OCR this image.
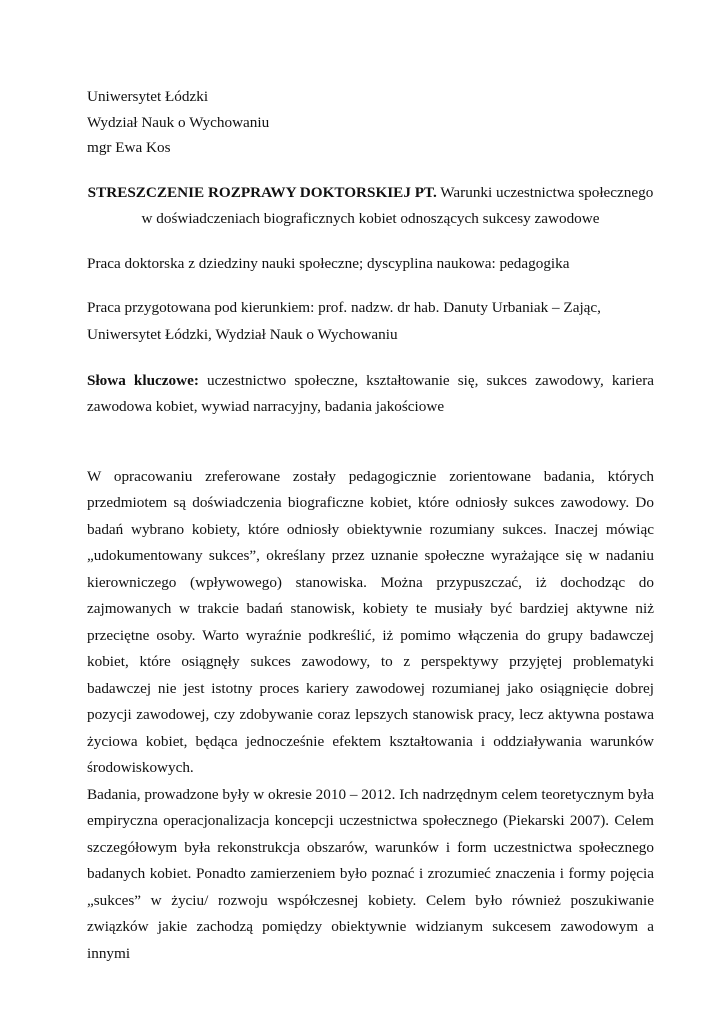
Uniwersytet Łódzki
Wydział Nauk o Wychowaniu
mgr Ewa Kos
STRESZCZENIE ROZPRAWY DOKTORSKIEJ PT. Warunki uczestnictwa społecznego
w doświadczeniach biograficznych kobiet odnoszących sukcesy zawodowe
Praca doktorska z dziedziny nauki społeczne; dyscyplina naukowa: pedagogika
Praca przygotowana pod kierunkiem: prof. nadzw. dr hab. Danuty Urbaniak – Zając,
Uniwersytet Łódzki, Wydział Nauk o Wychowaniu
Słowa kluczowe: uczestnictwo społeczne, kształtowanie się, sukces zawodowy, kariera zawodowa kobiet, wywiad narracyjny, badania jakościowe

W opracowaniu zreferowane zostały pedagogicznie zorientowane badania, których przedmiotem są doświadczenia biograficzne kobiet, które odniosły sukces zawodowy. Do badań wybrano kobiety, które odniosły obiektywnie rozumiany sukces. Inaczej mówiąc „udokumentowany sukces”, określany przez uznanie społeczne wyrażające się w nadaniu kierowniczego (wpływowego) stanowiska. Można przypuszczać, iż dochodząc do zajmowanych w trakcie badań stanowisk, kobiety te musiały być bardziej aktywne niż przeciętne osoby. Warto wyraźnie podkreślić, iż pomimo włączenia do grupy badawczej kobiet, które osiągnęły sukces zawodowy, to z perspektywy przyjętej problematyki badawczej nie jest istotny proces kariery zawodowej rozumianej jako osiągnięcie dobrej pozycji zawodowej, czy zdobywanie coraz lepszych stanowisk pracy, lecz aktywna postawa życiowa kobiet, będąca jednocześnie efektem kształtowania i oddziaływania warunków środowiskowych.

Badania, prowadzone były w okresie 2010 – 2012. Ich nadrzędnym celem teoretycznym była empiryczna operacjonalizacja koncepcji uczestnictwa społecznego (Piekarski 2007). Celem szczegółowym była rekonstrukcja obszarów, warunków i form uczestnictwa społecznego badanych kobiet. Ponadto zamierzeniem było poznać i zrozumieć znaczenia i formy pojęcia „sukces” w życiu/ rozwoju współczesnej kobiety. Celem było również poszukiwanie związków jakie zachodzą pomiędzy obiektywnie widzianym sukcesem zawodowym a innymi
